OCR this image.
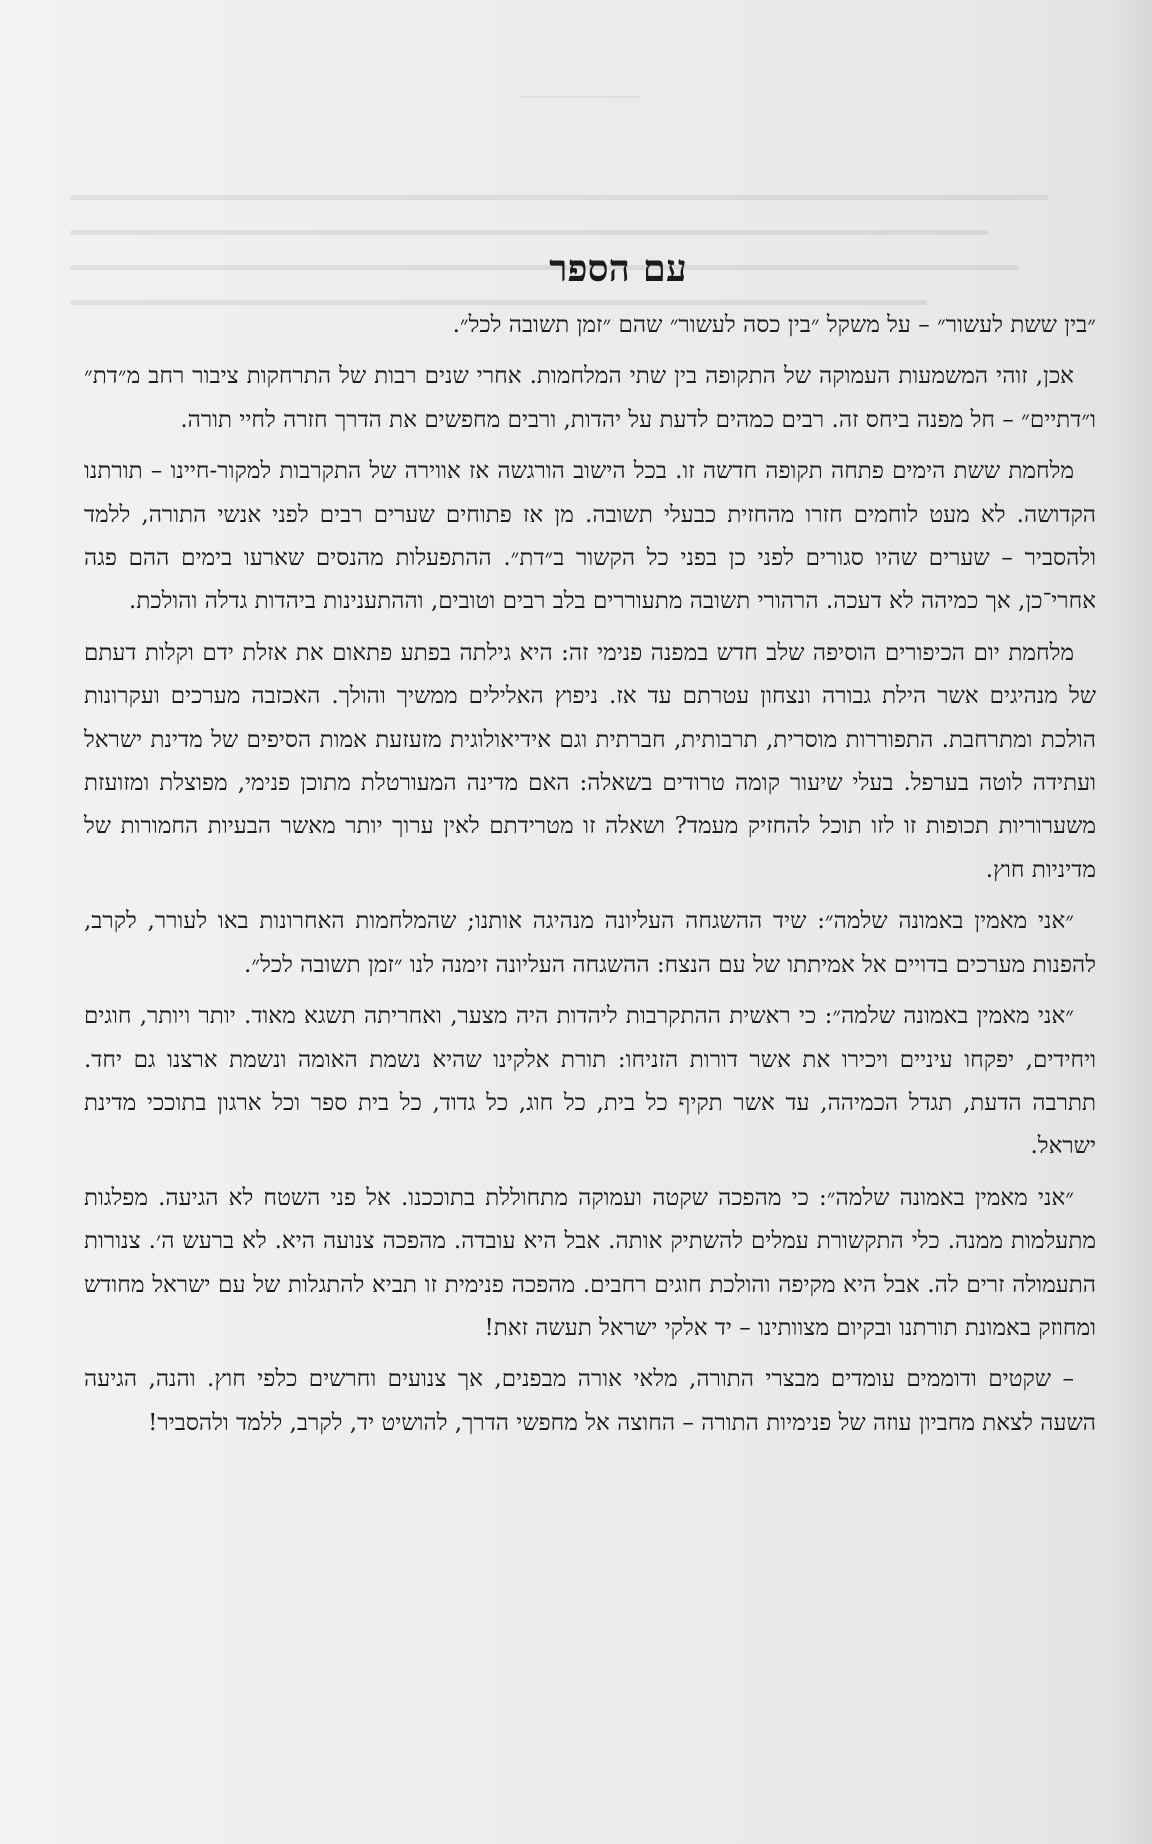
עם הספר

״בין ששת לעשור״ – על משקל ״בין כסה לעשור״ שהם ״זמן תשובה לכל״.

אכן, זוהי המשמעות העמוקה של התקופה בין שתי המלחמות. אחרי שנים רבות של התרחקות ציבור רחב מ״דת״ ו״דתיים״ – חל מפנה ביחס זה. רבים כמהים לדעת על יהדות, ורבים מחפשים את הדרך חזרה לחיי תורה.

מלחמת ששת הימים פתחה תקופה חדשה זו. בכל הישוב הורגשה אז אווירה של התקרבות למקור-חיינו – תורתנו הקדושה. לא מעט לוחמים חזרו מהחזית כבעלי תשובה. מן אז פתוחים שערים רבים לפני אנשי התורה, ללמד ולהסביר – שערים שהיו סגורים לפני כן בפני כל הקשור ב״דת״. ההתפעלות מהנסים שארעו בימים ההם פגה אחרי־כן, אך כמיהה לא דעכה. הרהורי תשובה מתעוררים בלב רבים וטובים, וההתענינות ביהדות גדלה והולכת.

מלחמת יום הכיפורים הוסיפה שלב חדש במפנה פנימי זה: היא גילתה בפתע פתאום את אזלת ידם וקלות דעתם של מנהיגים אשר הילת גבורה ונצחון עטרתם עד אז. ניפוץ האלילים ממשיך והולך. האכזבה מערכים ועקרונות הולכת ומתרחבת. התפוררות מוסרית, תרבותית, חברתית וגם אידיאולוגית מזעזעת אמות הסיפים של מדינת ישראל ועתידה לוטה בערפל. בעלי שיעור קומה טרודים בשאלה: האם מדינה המעורטלת מתוכן פנימי, מפוצלת ומזועזת משערוריות תכופות זו לזו תוכל להחזיק מעמד? ושאלה זו מטרידתם לאין ערוך יותר מאשר הבעיות החמורות של מדיניות חוץ.

״אני מאמין באמונה שלמה״: שיד ההשגחה העליונה מנהיגה אותנו; שהמלחמות האחרונות באו לעורר, לקרב, להפנות מערכים בדויים אל אמיתתו של עם הנצח: ההשגחה העליונה זימנה לנו ״זמן תשובה לכל״.

״אני מאמין באמונה שלמה״: כי ראשית ההתקרבות ליהדות היה מצער, ואחריתה תשגא מאוד. יותר ויותר, חוגים ויחידים, יפקחו עיניים ויכירו את אשר דורות הזניחו: תורת אלקינו שהיא נשמת האומה ונשמת ארצנו גם יחד. תתרבה הדעת, תגדל הכמיהה, עד אשר תקיף כל בית, כל חוג, כל גדוד, כל בית ספר וכל ארגון בתוככי מדינת ישראל.

״אני מאמין באמונה שלמה״: כי מהפכה שקטה ועמוקה מתחוללת בתוככנו. אל פני השטח לא הגיעה. מפלגות מתעלמות ממנה. כלי התקשורת עמלים להשתיק אותה. אבל היא עובדה. מהפכה צנועה היא. לא ברעש ה׳. צנורות התעמולה זרים לה. אבל היא מקיפה והולכת חוגים רחבים. מהפכה פנימית זו תביא להתגלות של עם ישראל מחודש ומחוזק באמונת תורתנו ובקיום מצוותינו – יד אלקי ישראל תעשה זאת!

– שקטים ודוממים עומדים מבצרי התורה, מלאי אורה מבפנים, אך צנועים וחרשים כלפי חוץ. והנה, הגיעה השעה לצאת מחביון עוזה של פנימיות התורה – החוצה אל מחפשי הדרך, להושיט יד, לקרב, ללמד ולהסביר!
